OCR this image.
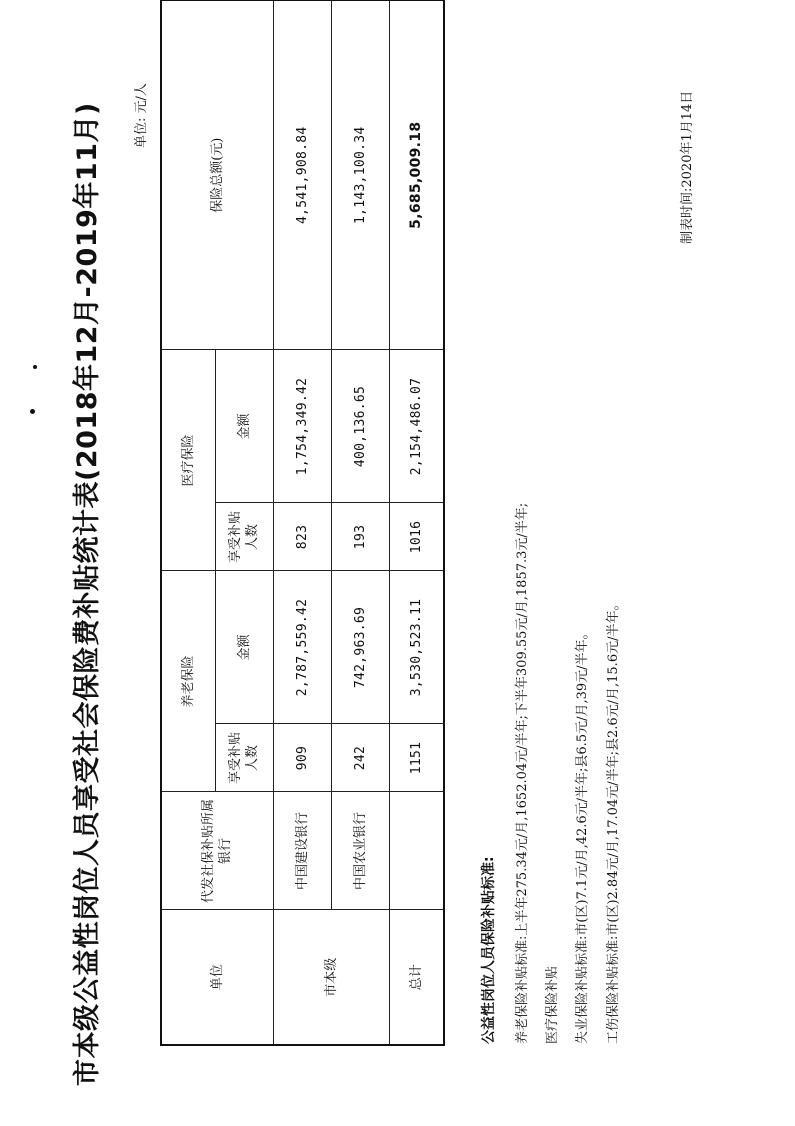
市本级公益性岗位人员享受社会保险费补贴统计表(2018年12月-2019年11月)	单位: 元/人
单位	代发社保补贴所属银行	养老保险		医疗保险		保险总额(元)
		享受补贴人数	金额	享受补贴人数	金额	
市本级	中国建设银行	909	2,787,559.42	823	1,754,349.42	4,541,908.84
	中国农业银行	242	742,963.69	193	400,136.65	1,143,100.34
总计		1151	3,530,523.11	1016	2,154,486.07	5,685,009.18
公益性岗位人员保险补贴标准:	养老保险补贴标准:上半年275.34元/月,1652.04元/半年;下半年309.55元/月,1857.3元/半年;	医疗保险补贴	失业保险补贴标准:市(区)7.1元/月,42.6元/半年;县6.5元/月,39元/半年。	工伤保险补贴标准:市(区)2.84元/月,17.04元/半年;县2.6元/月,15.6元/半年。
制表时间:2020年1月14日
